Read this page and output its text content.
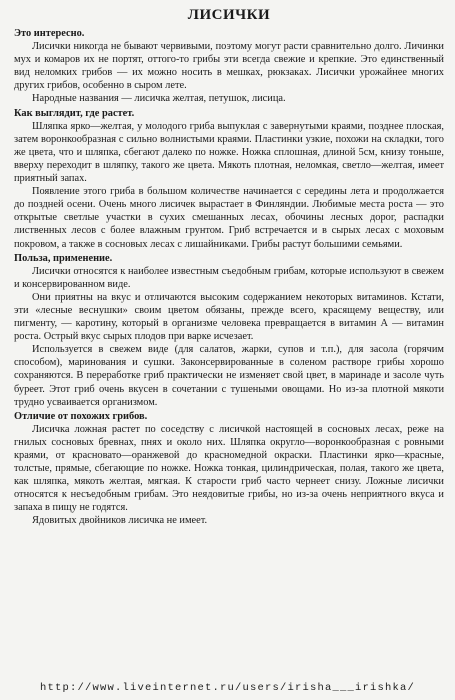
ЛИСИЧКИ

Это интересно.

Лисички никогда не бывают червивыми, поэтому могут расти сравнительно долго. Личинки мух и комаров их не портят, оттого-то грибы эти всегда свежие и крепкие. Это единственный вид неломких грибов — их можно носить в мешках, рюкзаках. Лисички урожайнее многих других грибов, особенно в сыром лете.

Народные названия — лисичка желтая, петушок, лисица.

Как выглядит, где растет.

Шляпка ярко—желтая, у молодого гриба выпуклая с завернутыми краями, позднее плоская, затем воронкообразная с сильно волнистыми краями. Пластинки узкие, похожи на складки, того же цвета, что и шляпка, сбегают далеко по ножке. Ножка сплошная, длиной 5см, книзу тоньше, вверху переходит в шляпку, такого же цвета. Мякоть плотная, неломкая, светло—желтая, имеет приятный запах.

Появление этого гриба в большом количестве начинается с середины лета и продолжается до поздней осени. Очень много лисичек вырастает в Финляндии. Любимые места роста — это открытые светлые участки в сухих смешанных лесах, обочины лесных дорог, распадки лиственных лесов с более влажным грунтом. Гриб встречается и в сырых лесах с моховым покровом, а также в сосновых лесах с лишайниками. Грибы растут большими семьями.

Польза, применение.

Лисички относятся к наиболее известным съедобным грибам, которые используют в свежем и консервированном виде.

Они приятны на вкус и отличаются высоким содержанием некоторых витаминов. Кстати, эти «лесные веснушки» своим цветом обязаны, прежде всего, красящему веществу, или пигменту, — каротину, который в организме человека превращается в витамин А — витамин роста. Острый вкус сырых плодов при варке исчезает.

Используется в свежем виде (для салатов, жарки, супов и т.п.), для засола (горячим способом), маринования и сушки. Законсервированные в соленом растворе грибы хорошо сохраняются. В переработке гриб практически не изменяет свой цвет, в маринаде и засоле чуть буреет. Этот гриб очень вкусен в сочетании с тушеными овощами. Но из-за плотной мякоти трудно усваивается организмом.

Отличие от похожих грибов.

Лисичка ложная растет по соседству с лисичкой настоящей в сосновых лесах, реже на гнилых сосновых бревнах, пнях и около них. Шляпка округло—воронкообразная с ровными краями, от красновато—оранжевой до красномедной окраски. Пластинки ярко—красные, толстые, прямые, сбегающие по ножке. Ножка тонкая, цилиндрическая, полая, такого же цвета, как шляпка, мякоть желтая, мягкая. К старости гриб часто чернеет снизу. Ложные лисички относятся к несъедобным грибам. Это неядовитые грибы, но из-за очень неприятного вкуса и запаха в пищу не годятся.

Ядовитых двойников лисичка не имеет.

http://www.liveinternet.ru/users/irisha___irishka/
